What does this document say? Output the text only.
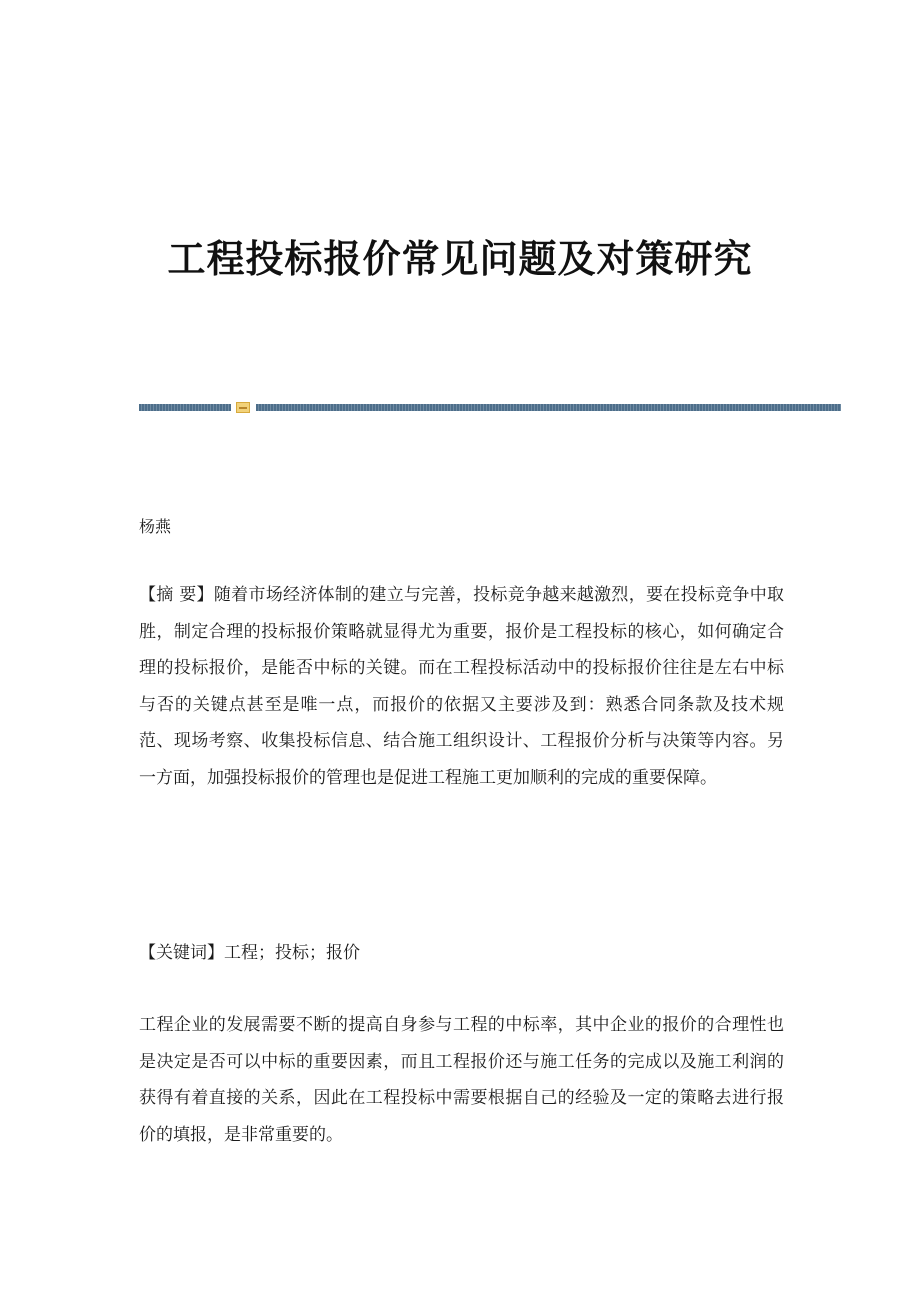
工程投标报价常见问题及对策研究

杨燕

【摘 要】随着市场经济体制的建立与完善，投标竞争越来越激烈，要在投标竞争中取胜，制定合理的投标报价策略就显得尤为重要，报价是工程投标的核心，如何确定合理的投标报价，是能否中标的关键。而在工程投标活动中的投标报价往往是左右中标与否的关键点甚至是唯一点，而报价的依据又主要涉及到：熟悉合同条款及技术规范、现场考察、收集投标信息、结合施工组织设计、工程报价分析与决策等内容。另一方面，加强投标报价的管理也是促进工程施工更加顺利的完成的重要保障。

【关键词】工程；投标；报价

工程企业的发展需要不断的提高自身参与工程的中标率，其中企业的报价的合理性也是决定是否可以中标的重要因素，而且工程报价还与施工任务的完成以及施工利润的获得有着直接的关系，因此在工程投标中需要根据自己的经验及一定的策略去进行报价的填报，是非常重要的。
